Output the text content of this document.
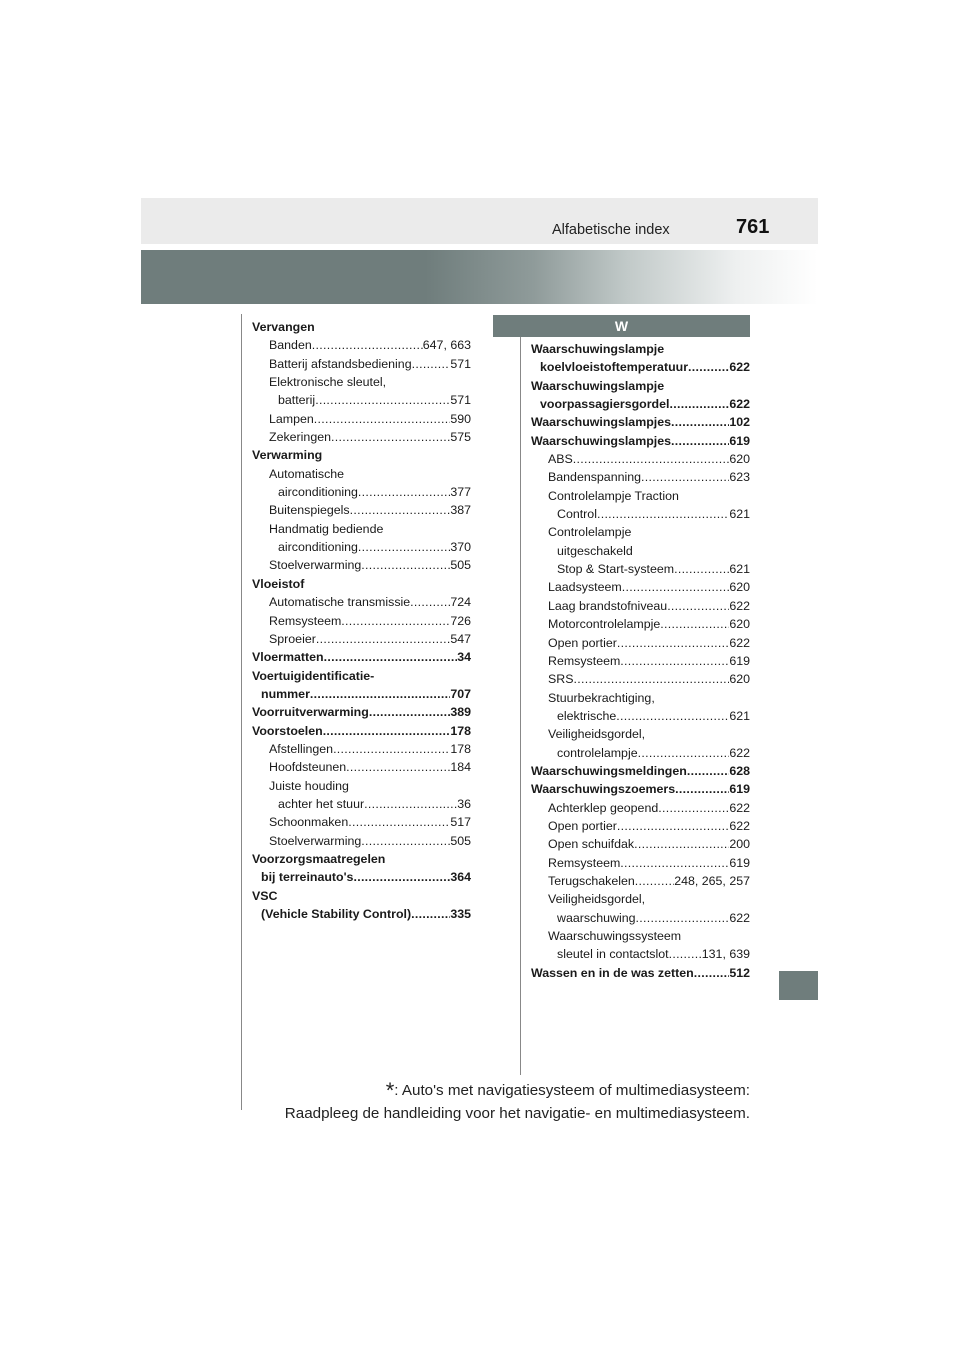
Alfabetische index	761
Vervangen
Banden .....	647, 663
Batterij afstandsbediening .....	571
Elektronische sleutel,
batterij .....	571
Lampen .....	590
Zekeringen .....	575
Verwarming
Automatische
airconditioning .....	377
Buitenspiegels .....	387
Handmatig bediende
airconditioning .....	370
Stoelverwarming .....	505
Vloeistof
Automatische transmissie .....	724
Remsysteem .....	726
Sproeier .....	547
Vloermatten .....	34
Voertuigidentificatie-
nummer .....	707
Voorruitverwarming .....	389
Voorstoelen .....	178
Afstellingen .....	178
Hoofdsteunen .....	184
Juiste houding
achter het stuur .....	36
Schoonmaken .....	517
Stoelverwarming .....	505
Voorzorgsmaatregelen
bij terreinauto's .....	364
VSC
(Vehicle Stability Control) .....	335
W
Waarschuwingslampje
koelvloeistoftemperatuur .....	622
Waarschuwingslampje
voorpassagiersgordel .....	622
Waarschuwingslampjes .....	102
Waarschuwingslampjes .....	619
ABS .....	620
Bandenspanning .....	623
Controlelampje Traction
Control .....	621
Controlelampje
uitgeschakeld
Stop & Start-systeem .....	621
Laadsysteem .....	620
Laag brandstofniveau .....	622
Motorcontrolelampje .....	620
Open portier .....	622
Remsysteem .....	619
SRS .....	620
Stuurbekrachtiging,
elektrische .....	621
Veiligheidsgordel,
controlelampje .....	622
Waarschuwingsmeldingen .....	628
Waarschuwingszoemers .....	619
Achterklep geopend .....	622
Open portier .....	622
Open schuifdak .....	200
Remsysteem .....	619
Terugschakelen .....	248, 265, 257
Veiligheidsgordel,
waarschuwing .....	622
Waarschuwingssysteem
sleutel in contactslot .....	131, 639
Wassen en in de was zetten .....	512
*: Auto's met navigatiesysteem of multimediasysteem:
Raadpleeg de handleiding voor het navigatie- en multimediasysteem.
